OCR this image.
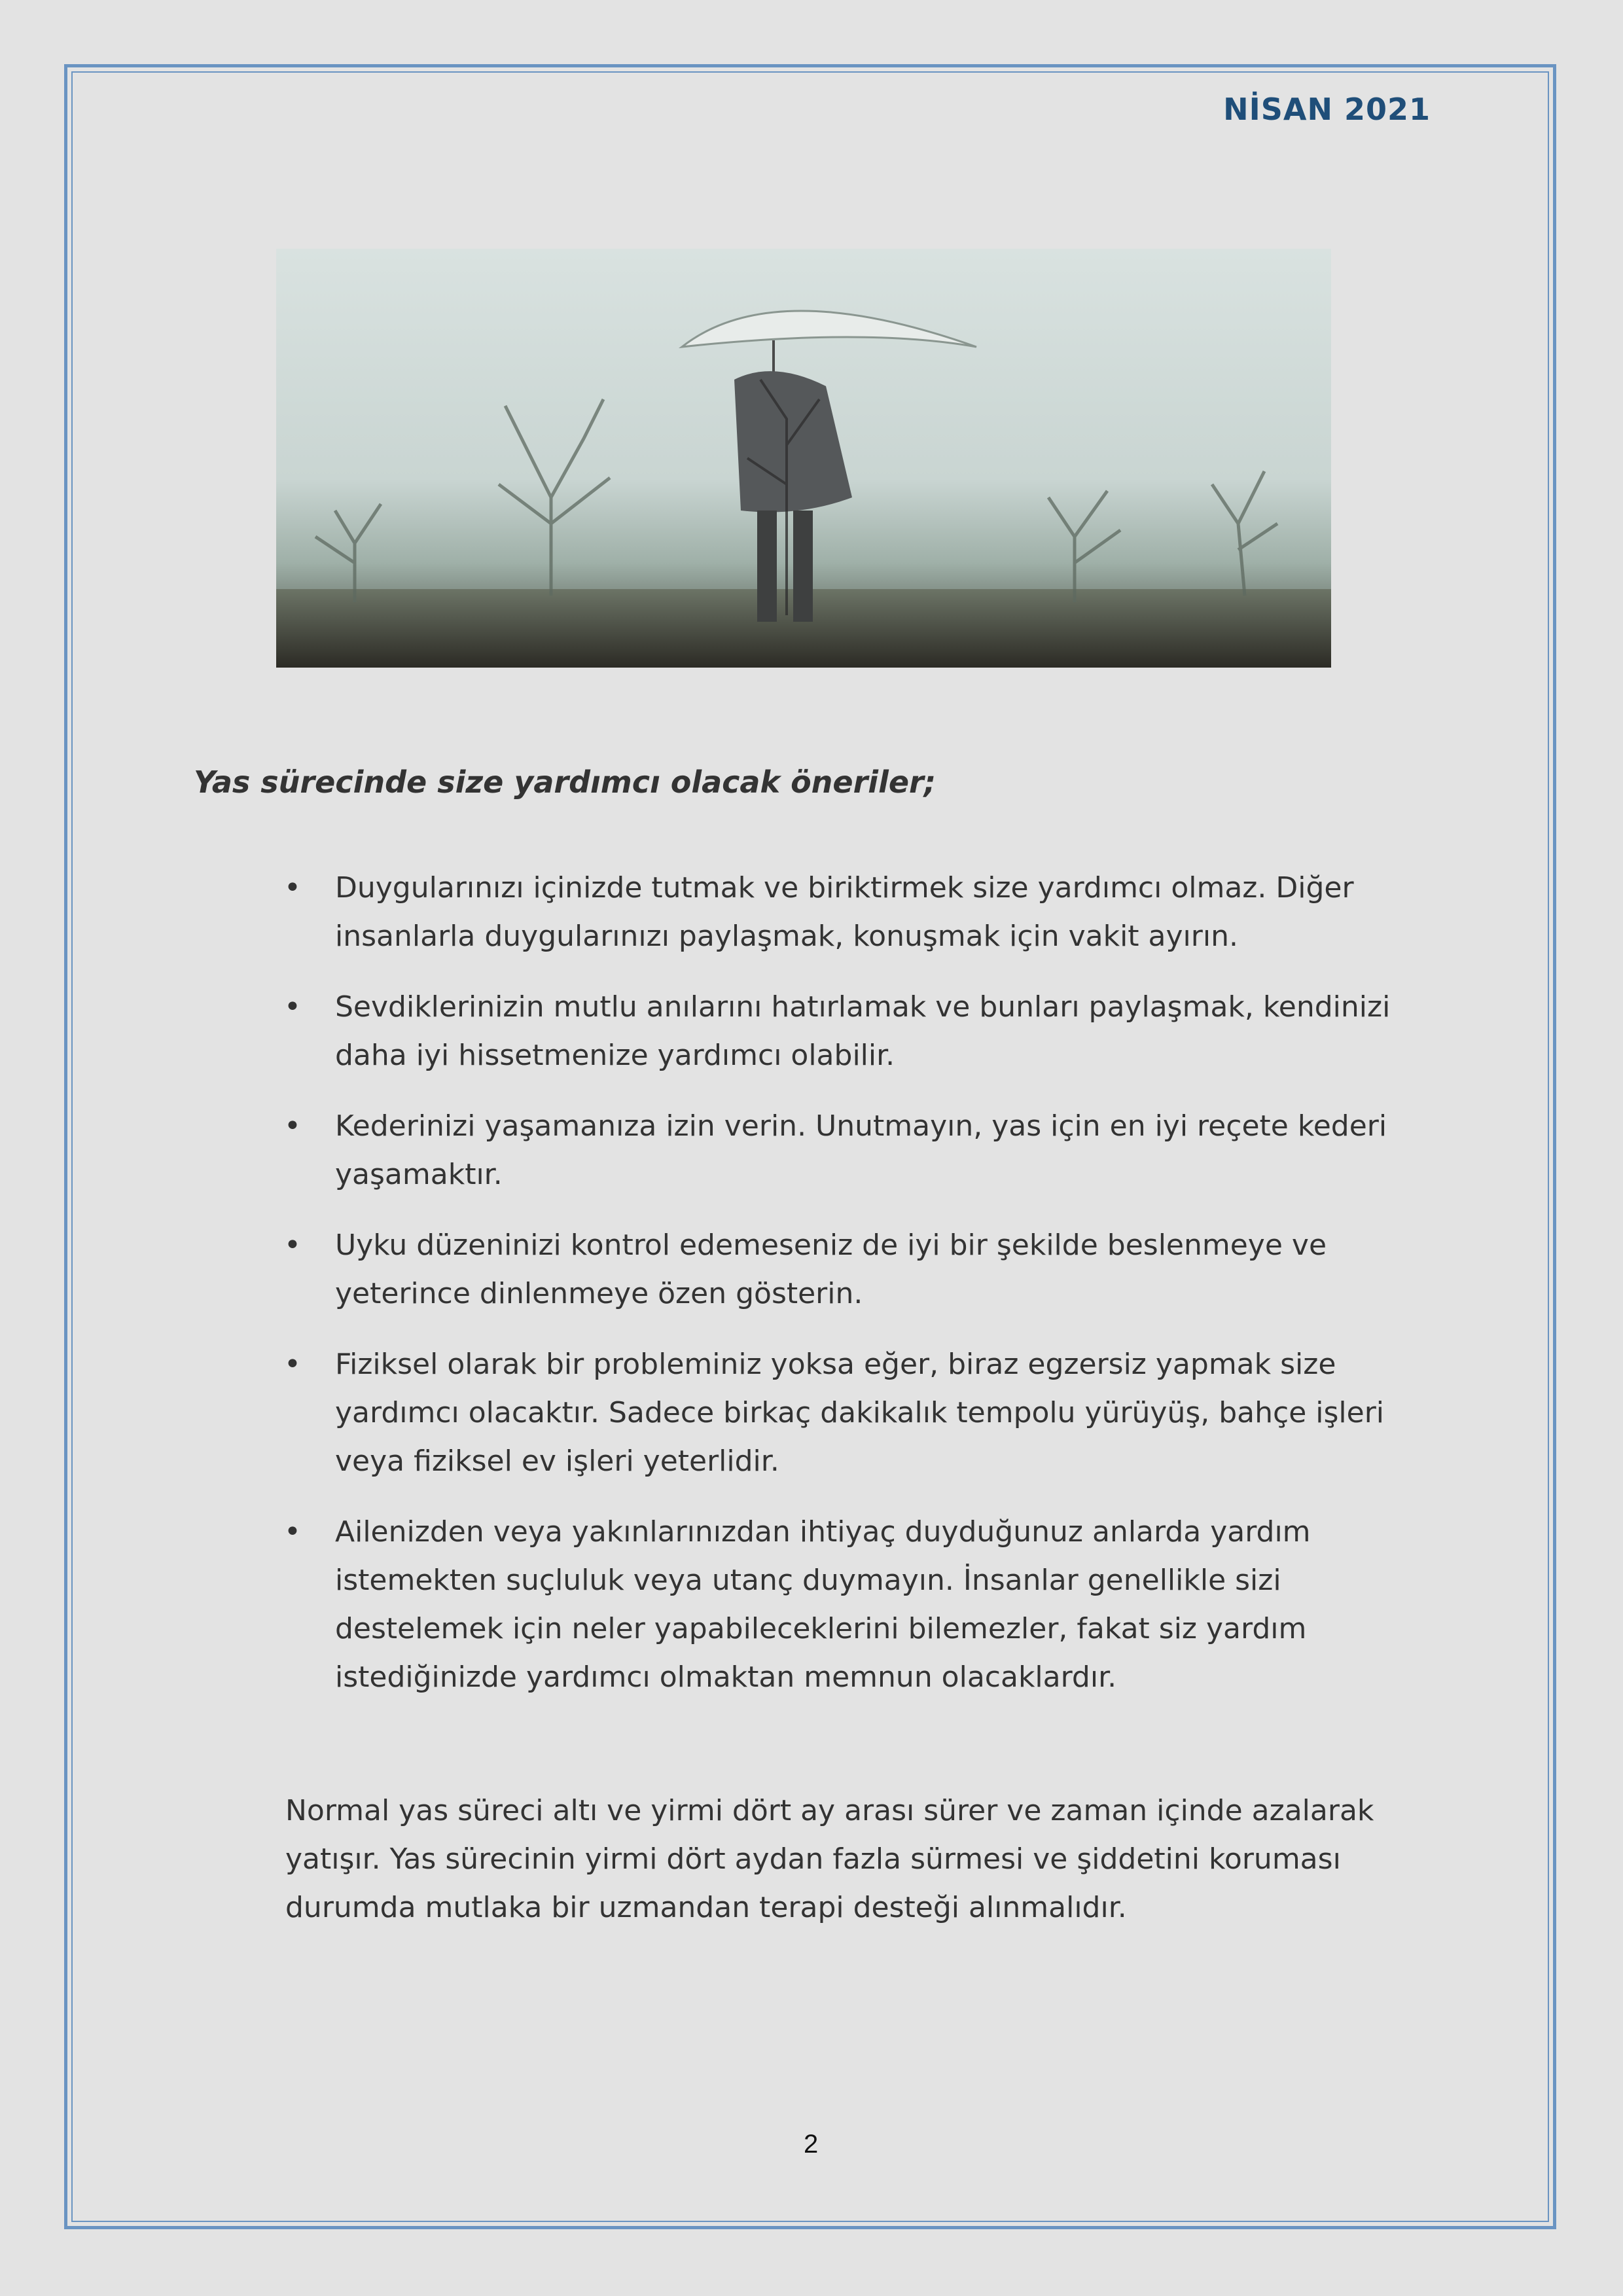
NİSAN 2021
Yas sürecinde size yardımcı olacak öneriler;
• Duygularınızı içinizde tutmak ve biriktirmek size yardımcı olmaz. Diğer insanlarla duygularınızı paylaşmak, konuşmak için vakit ayırın.
• Sevdiklerinizin mutlu anılarını hatırlamak ve bunları paylaşmak, kendinizi daha iyi hissetmenize yardımcı olabilir.
• Kederinizi yaşamanıza izin verin. Unutmayın, yas için en iyi reçete kederi yaşamaktır.
• Uyku düzeninizi kontrol edemeseniz de iyi bir şekilde beslenmeye ve yeterince dinlenmeye özen gösterin.
• Fiziksel olarak bir probleminiz yoksa eğer, biraz egzersiz yapmak size yardımcı olacaktır. Sadece birkaç dakikalık tempolu yürüyüş, bahçe işleri veya fiziksel ev işleri yeterlidir.
• Ailenizden veya yakınlarınızdan ihtiyaç duyduğunuz anlarda yardım istemekten suçluluk veya utanç duymayın. İnsanlar genellikle sizi destelemek için neler yapabileceklerini bilemezler, fakat siz yardım istediğinizde yardımcı olmaktan memnun olacaklardır.

Normal yas süreci altı ve yirmi dört ay arası sürer ve zaman içinde azalarak yatışır. Yas sürecinin yirmi dört aydan fazla sürmesi ve şiddetini koruması durumda mutlaka bir uzmandan terapi desteği alınmalıdır.

2
